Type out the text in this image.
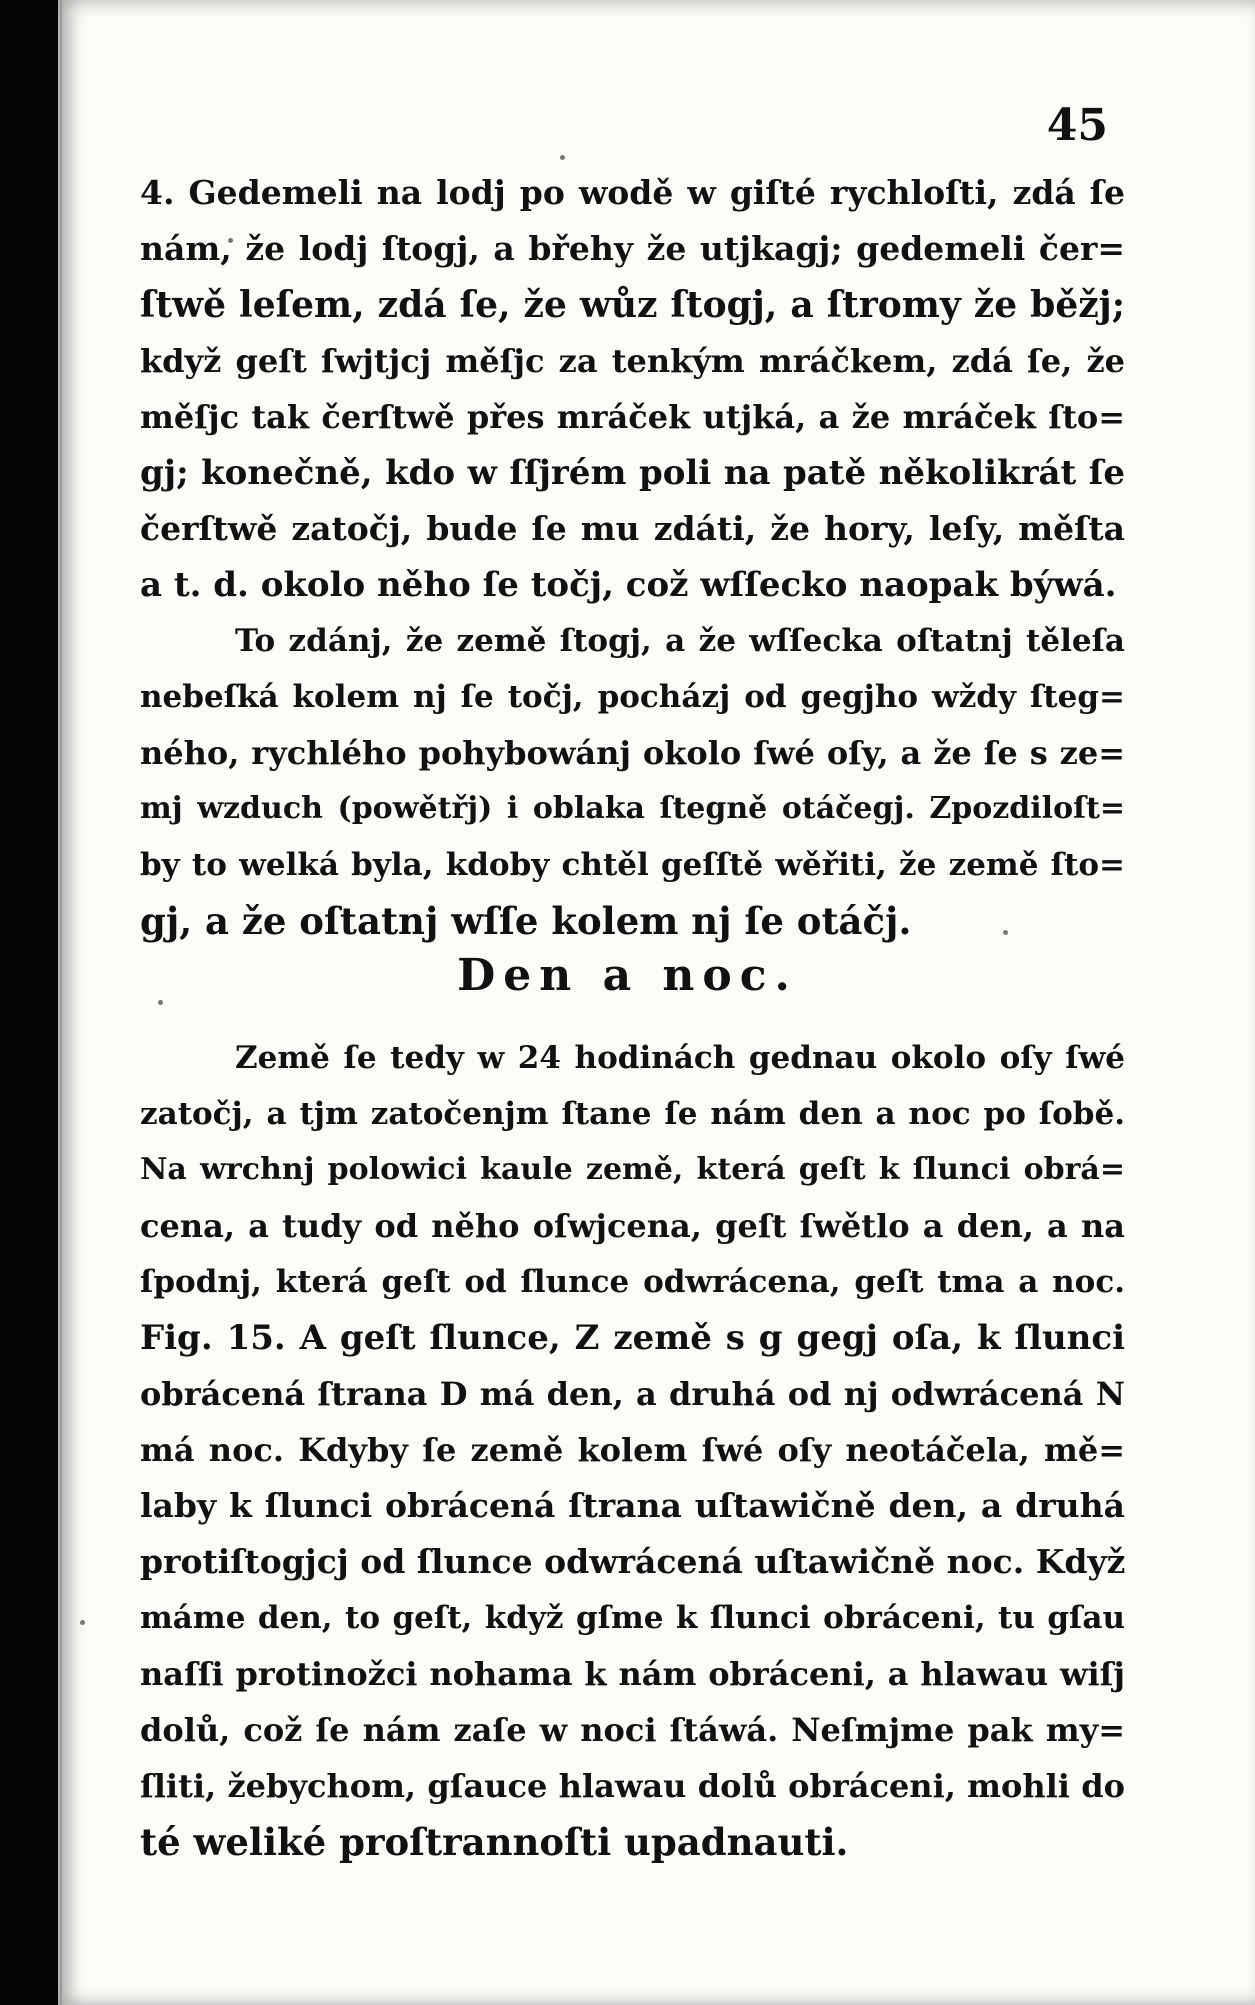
45
4. Gedemeli na lodj po wodě w giſté rychloſti, zdá ſe
nám, že lodj ſtogj, a břehy že utjkagj; gedemeli čer=
ſtwě leſem, zdá ſe, že wůz ſtogj, a ſtromy že běžj;
když geſt ſwjtjcj měſjc za tenkým mráčkem, zdá ſe, že
měſjc tak čerſtwě přes mráček utjká, a že mráček ſto=
gj; konečně, kdo w ſſjrém poli na patě několikrát ſe
čerſtwě zatočj, bude ſe mu zdáti, že hory, leſy, měſta
a t. d. okolo něho ſe točj, což wſſecko naopak býwá.
To zdánj, že země ſtogj, a že wſſecka oſtatnj těleſa
nebeſká kolem nj ſe točj, pocházj od gegjho wždy ſteg=
ného, rychlého pohybowánj okolo ſwé oſy, a že ſe s ze=
mj wzduch (powětřj) i oblaka ſtegně otáčegj. Zpozdiloſt=
by to welká byla, kdoby chtěl geſſtě wěřiti, že země ſto=
gj, a že oſtatnj wſſe kolem nj ſe otáčj.
Den a noc.
Země ſe tedy w 24 hodinách gednau okolo oſy ſwé
zatočj, a tjm zatočenjm ſtane ſe nám den a noc po ſobě.
Na wrchnj polowici kaule země, která geſt k ſlunci obrá=
cena, a tudy od něho oſwjcena, geſt ſwětlo a den, a na
ſpodnj, která geſt od ſlunce odwrácena, geſt tma a noc.
Fig. 15. A geſt ſlunce, Z země s g gegj oſa, k ſlunci
obrácená ſtrana D má den, a druhá od nj odwrácená N
má noc. Kdyby ſe země kolem ſwé oſy neotáčela, mě=
laby k ſlunci obrácená ſtrana uſtawičně den, a druhá
protiſtogjcj od ſlunce odwrácená uſtawičně noc. Když
máme den, to geſt, když gſme k ſlunci obráceni, tu gſau
naſſi protinožci nohama k nám obráceni, a hlawau wiſj
dolů, což ſe nám zaſe w noci ſtáwá. Neſmjme pak my=
ſliti, žebychom, gſauce hlawau dolů obráceni, mohli do
té weliké proſtrannoſti upadnauti.
